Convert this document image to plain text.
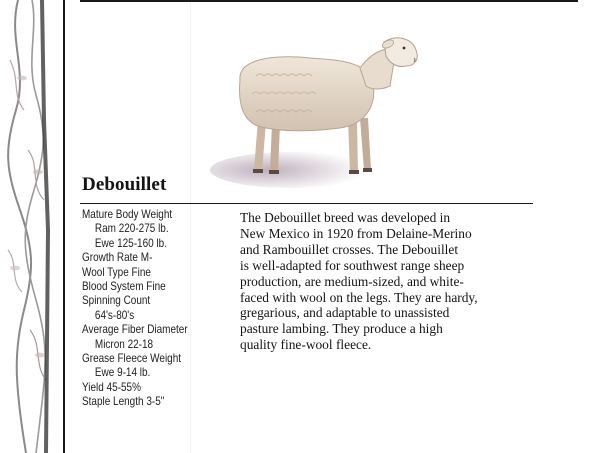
Debouillet
Mature Body Weight
Ram 220-275 lb.
Ewe 125-160 lb.
Growth Rate M-
Wool Type Fine
Blood System Fine
Spinning Count
64's-80's
Average Fiber Diameter
Micron 22-18
Grease Fleece Weight
Ewe 9-14 lb.
Yield 45-55%
Staple Length 3-5"
The Debouillet breed was developed in
New Mexico in 1920 from Delaine-Merino
and Rambouillet crosses. The Debouillet
is well-adapted for southwest range sheep
production, are medium-sized, and white-
faced with wool on the legs. They are hardy,
gregarious, and adaptable to unassisted
pasture lambing. They produce a high
quality fine-wool fleece.
